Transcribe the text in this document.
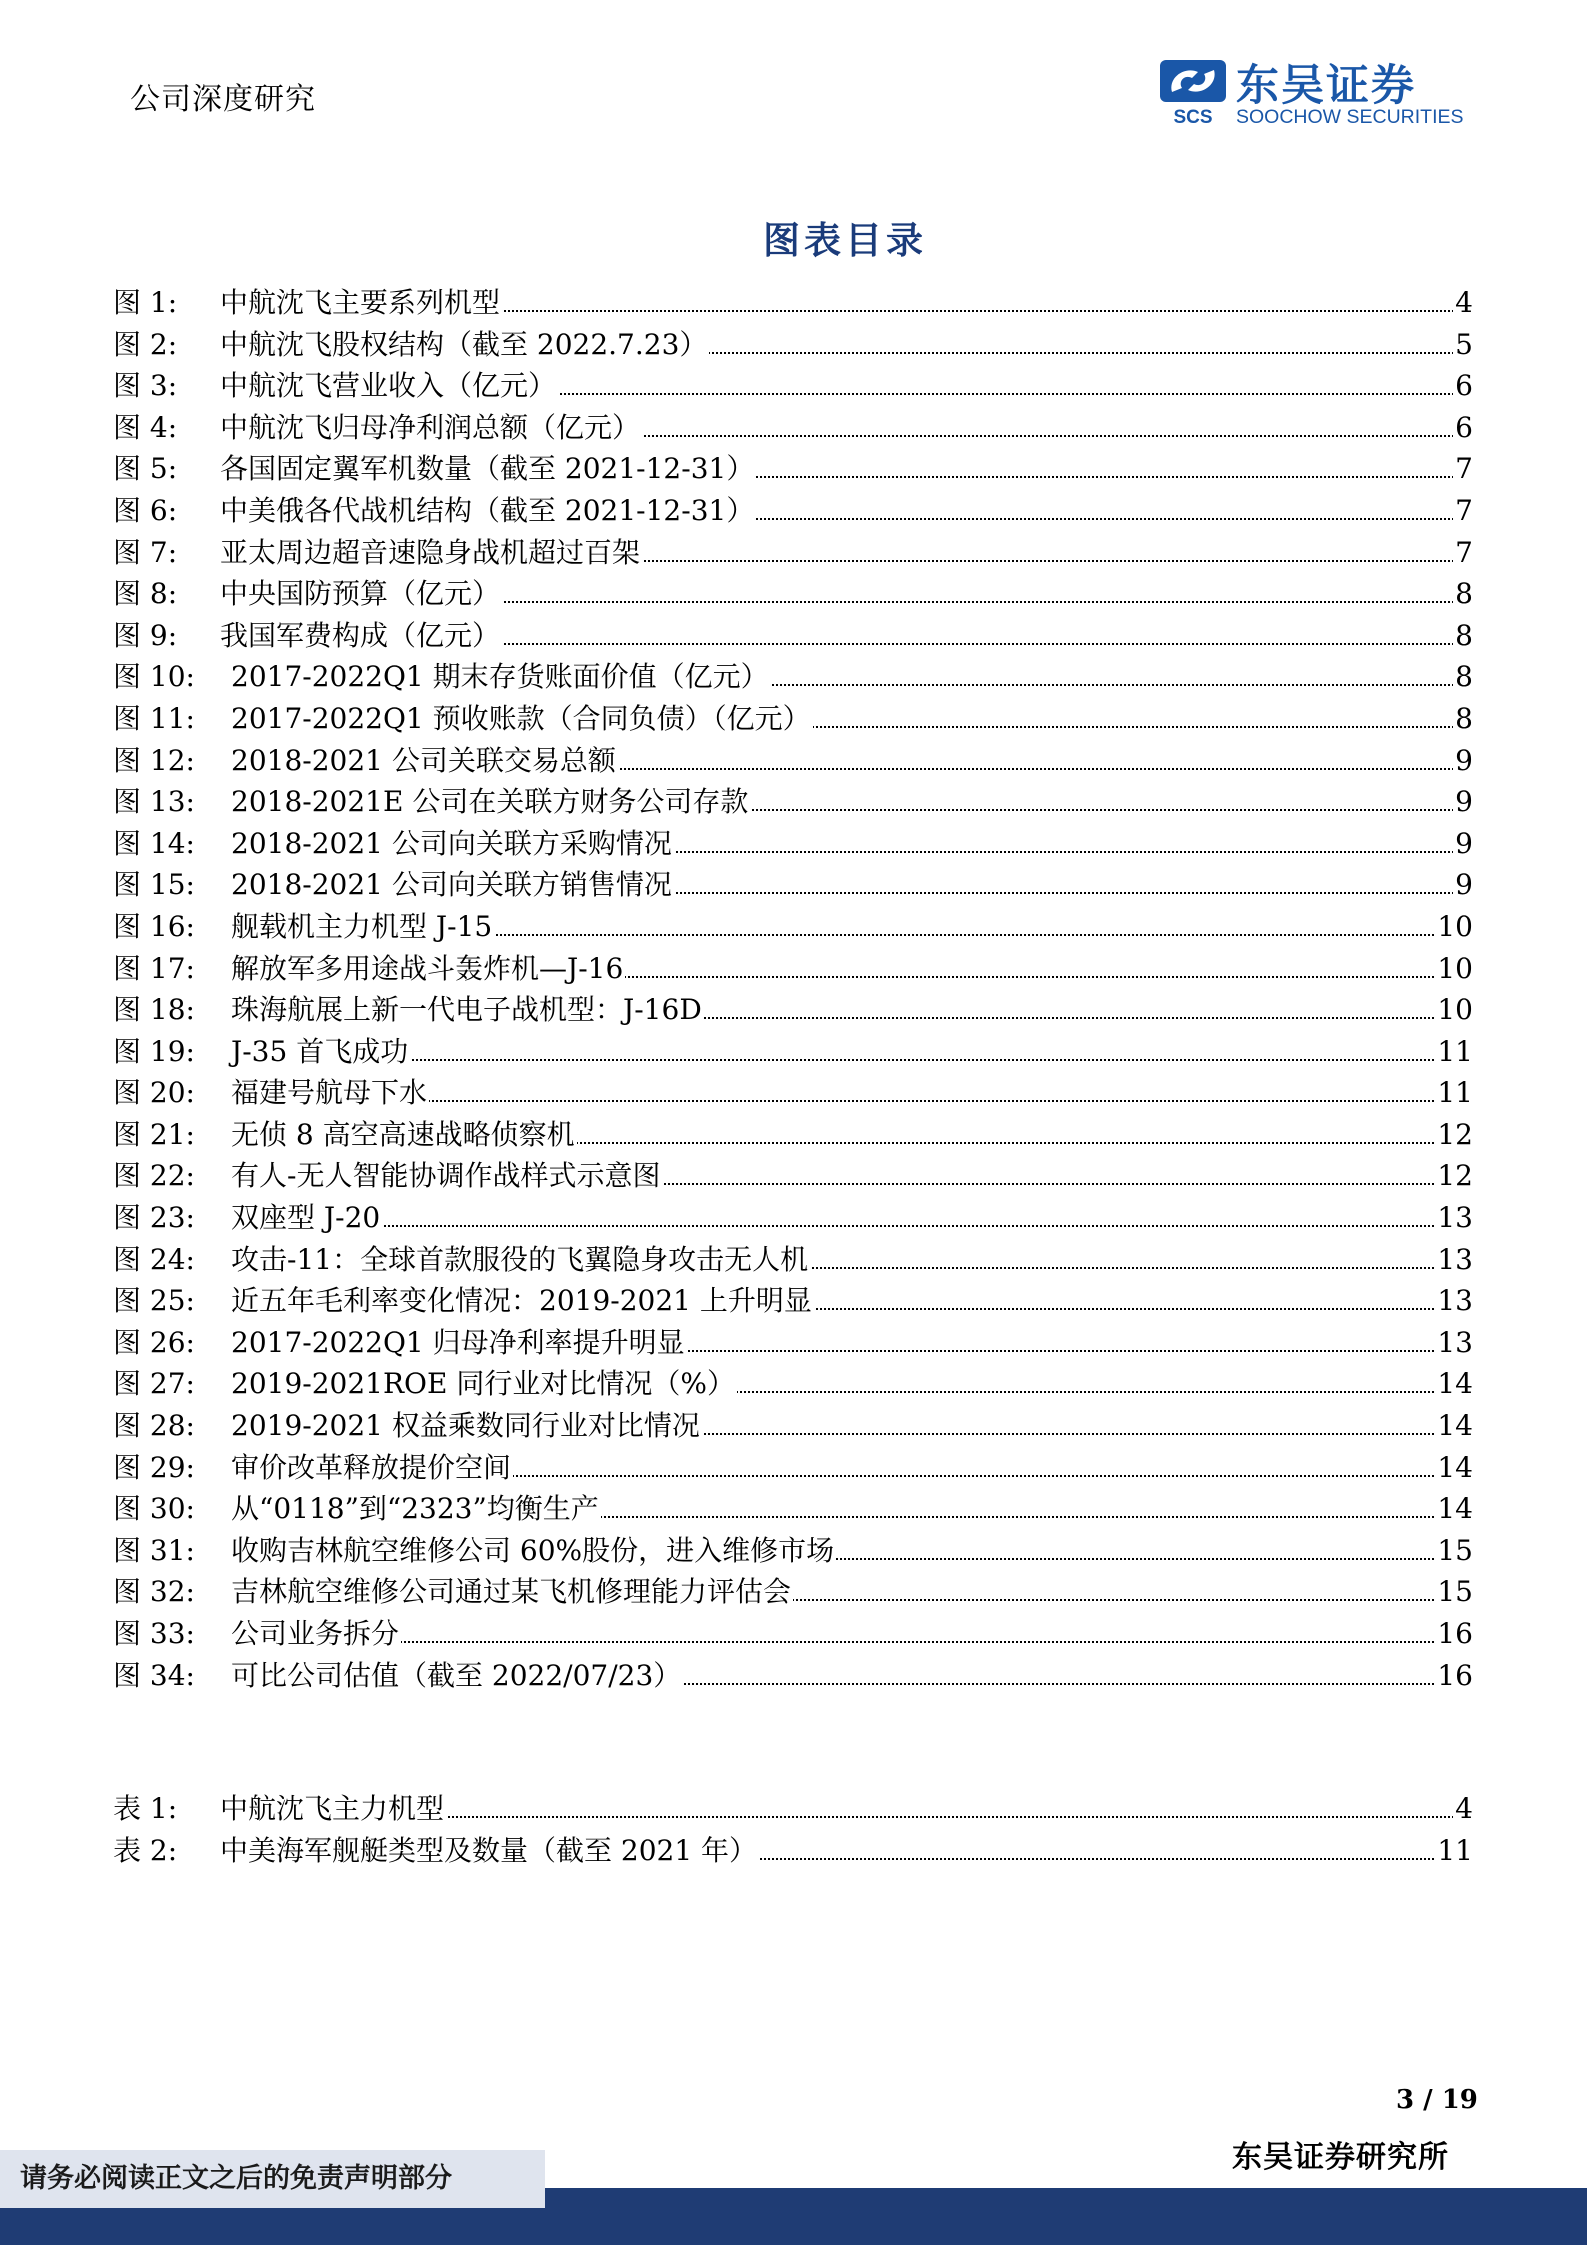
公司深度研究
SCS
东吴证券
SOOCHOW SECURITIES
图表目录
图 1: 中航沈飞主要系列机型	4
图 2: 中航沈飞股权结构（截至 2022.7.23）	5
图 3: 中航沈飞营业收入（亿元）	6
图 4: 中航沈飞归母净利润总额（亿元）	6
图 5: 各国固定翼军机数量（截至 2021-12-31）	7
图 6: 中美俄各代战机结构（截至 2021-12-31）	7
图 7: 亚太周边超音速隐身战机超过百架	7
图 8: 中央国防预算（亿元）	8
图 9: 我国军费构成（亿元）	8
图 10: 2017-2022Q1 期末存货账面价值（亿元）	8
图 11: 2017-2022Q1 预收账款（合同负债）（亿元）	8
图 12: 2018-2021 公司关联交易总额	9
图 13: 2018-2021E 公司在关联方财务公司存款	9
图 14: 2018-2021 公司向关联方采购情况	9
图 15: 2018-2021 公司向关联方销售情况	9
图 16: 舰载机主力机型 J-15	10
图 17: 解放军多用途战斗轰炸机—J-16	10
图 18: 珠海航展上新一代电子战机型：J-16D	10
图 19: J-35 首飞成功	11
图 20: 福建号航母下水	11
图 21: 无侦 8 高空高速战略侦察机	12
图 22: 有人-无人智能协调作战样式示意图	12
图 23: 双座型 J-20	13
图 24: 攻击-11：全球首款服役的飞翼隐身攻击无人机	13
图 25: 近五年毛利率变化情况：2019-2021 上升明显	13
图 26: 2017-2022Q1 归母净利率提升明显	13
图 27: 2019-2021ROE 同行业对比情况（%）	14
图 28: 2019-2021 权益乘数同行业对比情况	14
图 29: 审价改革释放提价空间	14
图 30: 从“0118”到“2323”均衡生产	14
图 31: 收购吉林航空维修公司 60%股份，进入维修市场	15
图 32: 吉林航空维修公司通过某飞机修理能力评估会	15
图 33: 公司业务拆分	16
图 34: 可比公司估值（截至 2022/07/23）	16
表 1: 中航沈飞主力机型	4
表 2: 中美海军舰艇类型及数量（截至 2021 年）	11
3 / 19
东吴证券研究所
请务必阅读正文之后的免责声明部分
